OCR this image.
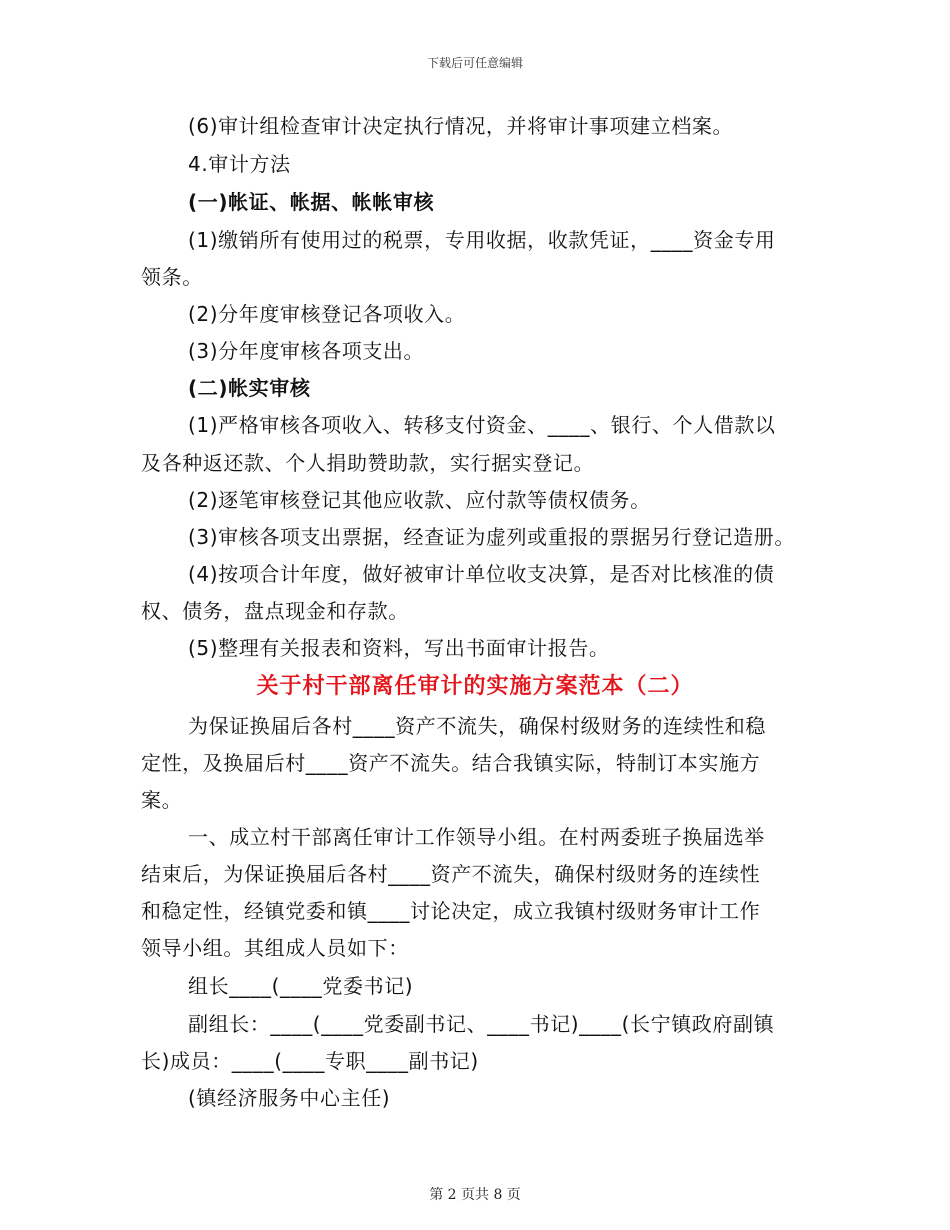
下载后可任意编辑
(6)审计组检查审计决定执行情况，并将审计事项建立档案。
4.审计方法
(一)帐证、帐据、帐帐审核
(1)缴销所有使用过的税票，专用收据，收款凭证，____资金专用
领条。
(2)分年度审核登记各项收入。
(3)分年度审核各项支出。
(二)帐实审核
(1)严格审核各项收入、转移支付资金、____、银行、个人借款以
及各种返还款、个人捐助赞助款，实行据实登记。
(2)逐笔审核登记其他应收款、应付款等债权债务。
(3)审核各项支出票据，经查证为虚列或重报的票据另行登记造册。
(4)按项合计年度，做好被审计单位收支决算，是否对比核准的债
权、债务，盘点现金和存款。
(5)整理有关报表和资料，写出书面审计报告。
关于村干部离任审计的实施方案范本（二）
为保证换届后各村____资产不流失，确保村级财务的连续性和稳
定性，及换届后村____资产不流失。结合我镇实际，特制订本实施方
案。
一、成立村干部离任审计工作领导小组。在村两委班子换届选举
结束后，为保证换届后各村____资产不流失，确保村级财务的连续性
和稳定性，经镇党委和镇____讨论决定，成立我镇村级财务审计工作
领导小组。其组成人员如下：
组长____(____党委书记)
副组长：____(____党委副书记、____书记)____(长宁镇政府副镇
长)成员：____(____专职____副书记)
(镇经济服务中心主任)
第 2 页共 8 页
